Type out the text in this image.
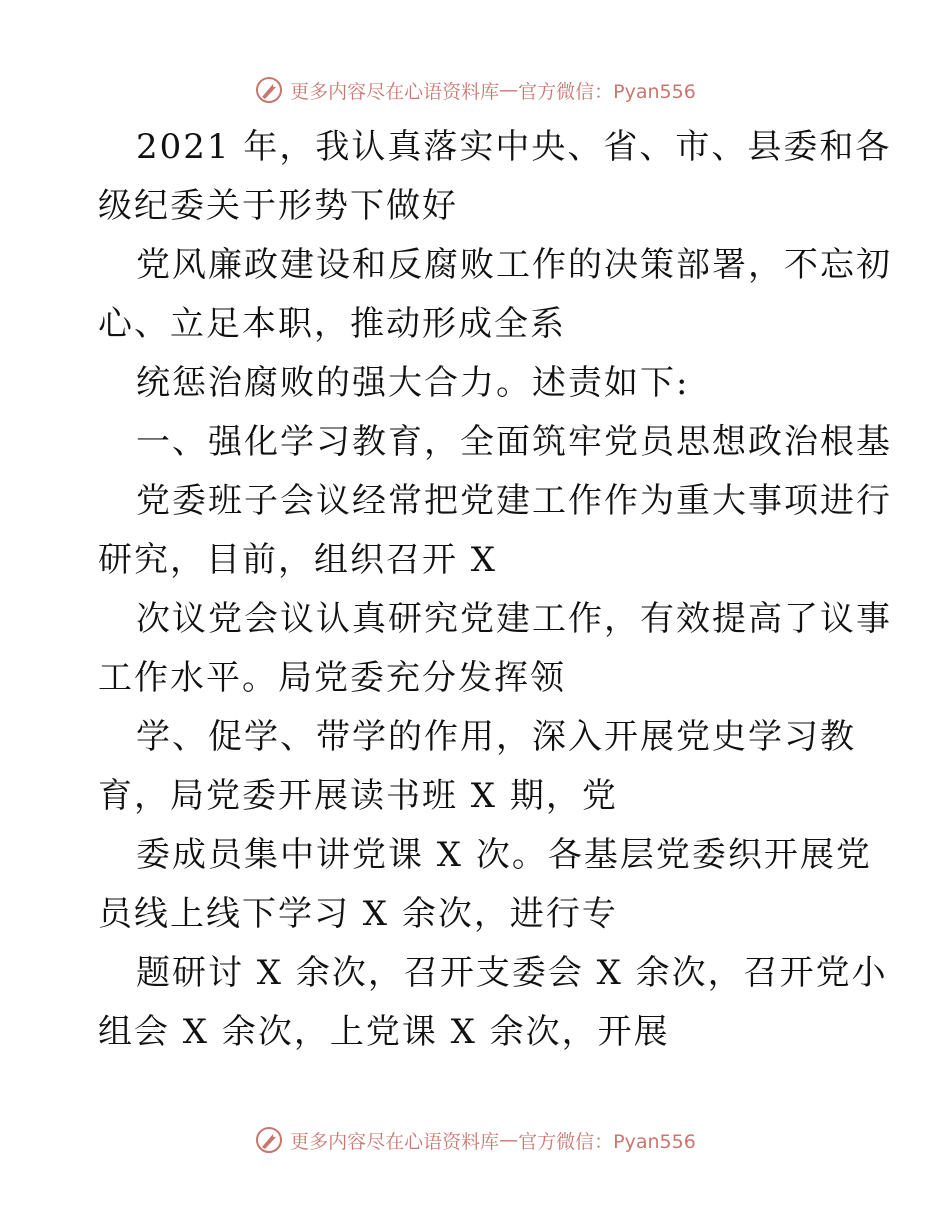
更多内容尽在心语资料库 — 官方微信：Pyan556
2021 年，我认真落实中央、省、市、县委和各
级纪委关于形势下做好
党风廉政建设和反腐败工作的决策部署，不忘初
心、立足本职，推动形成全系
统惩治腐败的强大合力。述责如下:
一、强化学习教育，全面筑牢党员思想政治根基
党委班子会议经常把党建工作作为重大事项进行
研究，目前，组织召开 X
次议党会议认真研究党建工作，有效提高了议事
工作水平。局党委充分发挥领
学、促学、带学的作用，深入开展党史学习教
育，局党委开展读书班 X 期，党
委成员集中讲党课 X 次。各基层党委织开展党
员线上线下学习 X 余次，进行专
题研讨 X 余次，召开支委会 X 余次，召开党小
组会 X 余次，上党课 X 余次，开展
更多内容尽在心语资料库 — 官方微信：Pyan556
